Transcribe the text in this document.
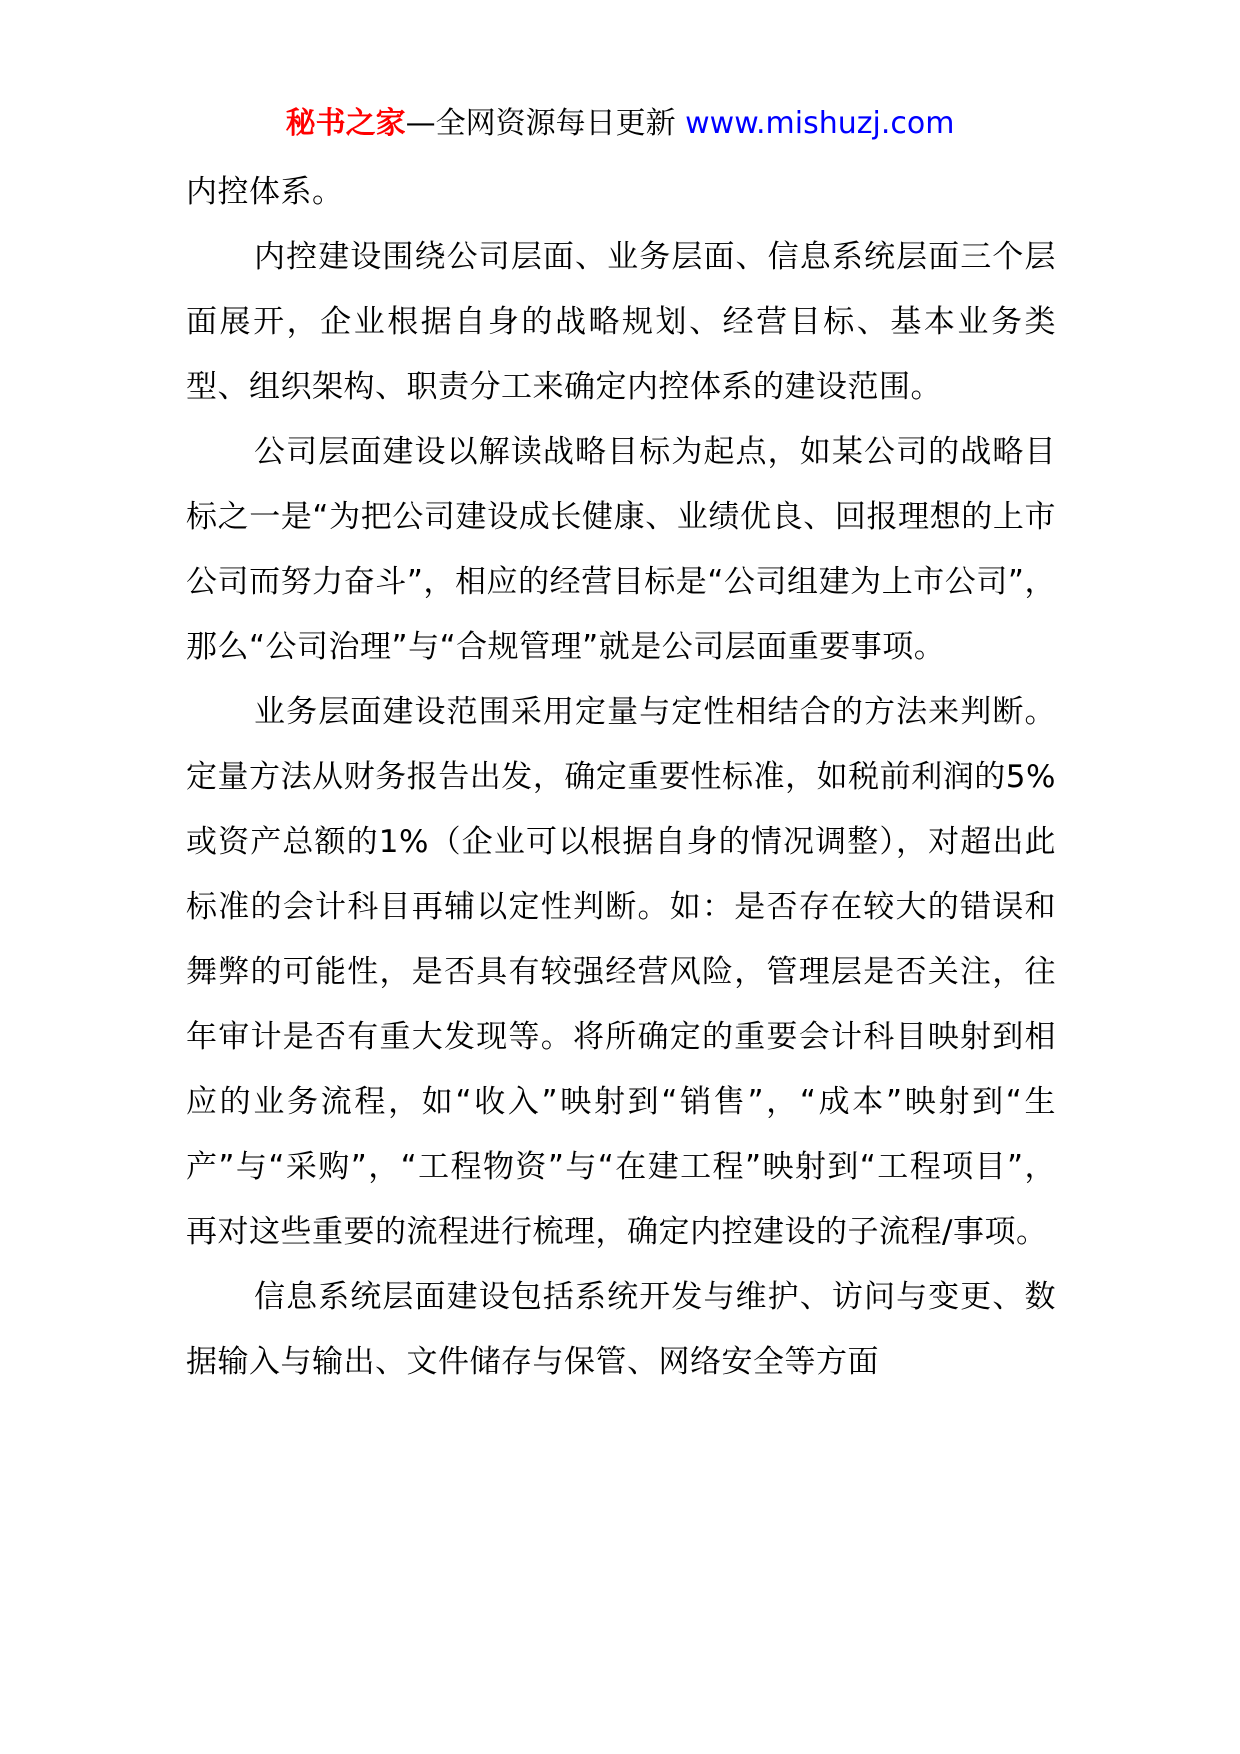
秘书之家—全网资源每日更新 www.mishuzj.com

内控体系。

内控建设围绕公司层面、业务层面、信息系统层面三个层面展开，企业根据自身的战略规划、经营目标、基本业务类型、组织架构、职责分工来确定内控体系的建设范围。

公司层面建设以解读战略目标为起点，如某公司的战略目标之一是“为把公司建设成长健康、业绩优良、回报理想的上市公司而努力奋斗”，相应的经营目标是“公司组建为上市公司”，那么“公司治理”与“合规管理”就是公司层面重要事项。

业务层面建设范围采用定量与定性相结合的方法来判断。定量方法从财务报告出发，确定重要性标准，如税前利润的5%或资产总额的1%（企业可以根据自身的情况调整），对超出此标准的会计科目再辅以定性判断。如：是否存在较大的错误和舞弊的可能性，是否具有较强经营风险，管理层是否关注，往年审计是否有重大发现等。将所确定的重要会计科目映射到相应的业务流程，如“收入”映射到“销售”，“成本”映射到“生产”与“采购”，“工程物资”与“在建工程”映射到“工程项目”，再对这些重要的流程进行梳理，确定内控建设的子流程/事项。

信息系统层面建设包括系统开发与维护、访问与变更、数据输入与输出、文件储存与保管、网络安全等方面
